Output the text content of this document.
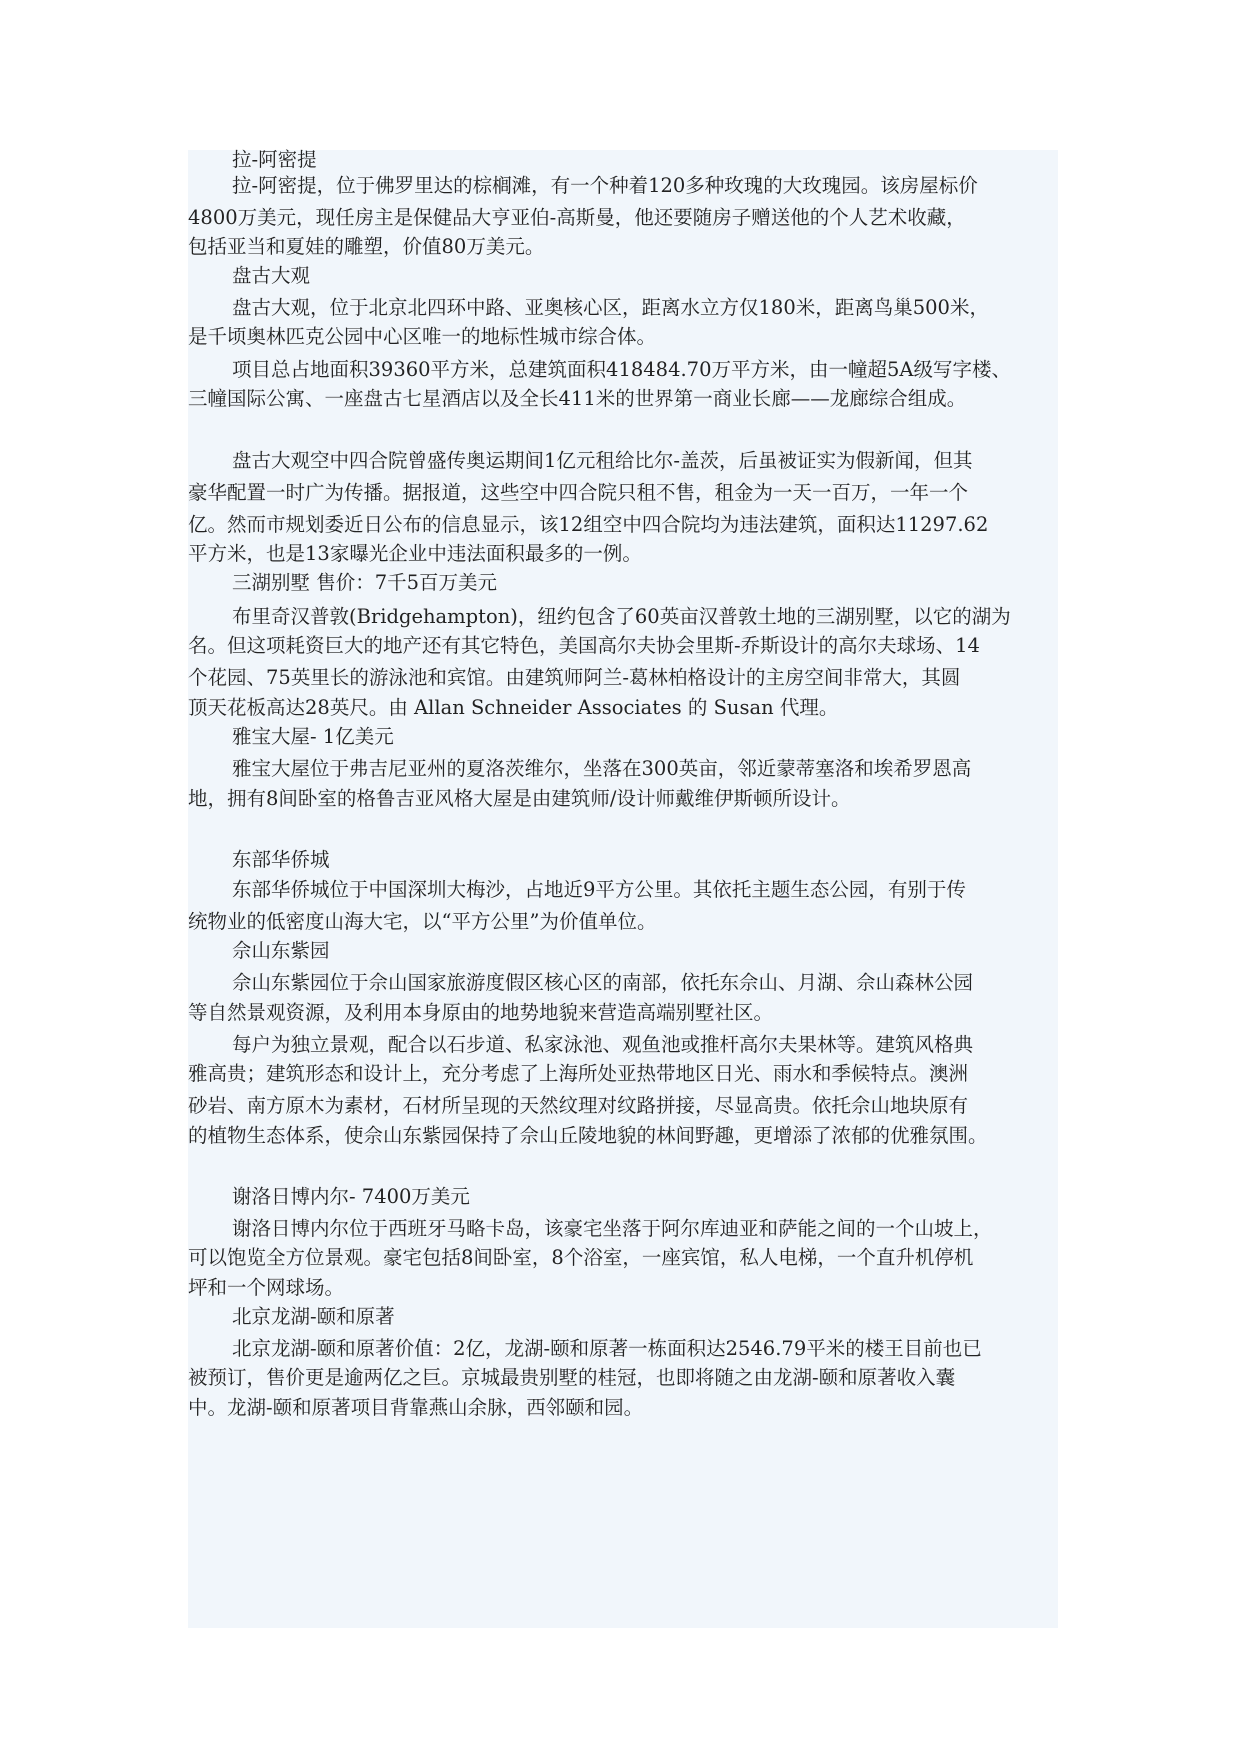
拉-阿密提
拉-阿密提，位于佛罗里达的棕榈滩，有一个种着120多种玫瑰的大玫瑰园。该房屋标价
4800万美元，现任房主是保健品大亨亚伯-高斯曼，他还要随房子赠送他的个人艺术收藏，
包括亚当和夏娃的雕塑，价值80万美元。
盘古大观
盘古大观，位于北京北四环中路、亚奥核心区，距离水立方仅180米，距离鸟巢500米，
是千顷奥林匹克公园中心区唯一的地标性城市综合体。
项目总占地面积39360平方米，总建筑面积418484.70万平方米，由一幢超5A级写字楼、
三幢国际公寓、一座盘古七星酒店以及全长411米的世界第一商业长廊——龙廊综合组成。
盘古大观空中四合院曾盛传奥运期间1亿元租给比尔-盖茨，后虽被证实为假新闻，但其
豪华配置一时广为传播。据报道，这些空中四合院只租不售，租金为一天一百万，一年一个
亿。然而市规划委近日公布的信息显示，该12组空中四合院均为违法建筑，面积达11297.62
平方米，也是13家曝光企业中违法面积最多的一例。
三湖别墅 售价：7千5百万美元
布里奇汉普敦(Bridgehampton)，纽约包含了60英亩汉普敦土地的三湖别墅，以它的湖为
名。但这项耗资巨大的地产还有其它特色，美国高尔夫协会里斯-乔斯设计的高尔夫球场、14
个花园、75英里长的游泳池和宾馆。由建筑师阿兰-葛林柏格设计的主房空间非常大，其圆
顶天花板高达28英尺。由 Allan Schneider Associates 的 Susan 代理。
雅宝大屋- 1亿美元
雅宝大屋位于弗吉尼亚州的夏洛茨维尔，坐落在300英亩，邻近蒙蒂塞洛和埃希罗恩高
地，拥有8间卧室的格鲁吉亚风格大屋是由建筑师/设计师戴维伊斯顿所设计。
东部华侨城
东部华侨城位于中国深圳大梅沙，占地近9平方公里。其依托主题生态公园，有别于传
统物业的低密度山海大宅，以“平方公里”为价值单位。
佘山东紫园
佘山东紫园位于佘山国家旅游度假区核心区的南部，依托东佘山、月湖、佘山森林公园
等自然景观资源，及利用本身原由的地势地貌来营造高端别墅社区。
每户为独立景观，配合以石步道、私家泳池、观鱼池或推杆高尔夫果林等。建筑风格典
雅高贵；建筑形态和设计上，充分考虑了上海所处亚热带地区日光、雨水和季候特点。澳洲
砂岩、南方原木为素材，石材所呈现的天然纹理对纹路拼接，尽显高贵。依托佘山地块原有
的植物生态体系，使佘山东紫园保持了佘山丘陵地貌的林间野趣，更增添了浓郁的优雅氛围。
谢洛日博内尔- 7400万美元
谢洛日博内尔位于西班牙马略卡岛，该豪宅坐落于阿尔库迪亚和萨能之间的一个山坡上，
可以饱览全方位景观。豪宅包括8间卧室，8个浴室，一座宾馆，私人电梯，一个直升机停机
坪和一个网球场。
北京龙湖-颐和原著
北京龙湖-颐和原著价值：2亿，龙湖-颐和原著一栋面积达2546.79平米的楼王目前也已
被预订，售价更是逾两亿之巨。京城最贵别墅的桂冠，也即将随之由龙湖-颐和原著收入囊
中。龙湖-颐和原著项目背靠燕山余脉，西邻颐和园。
